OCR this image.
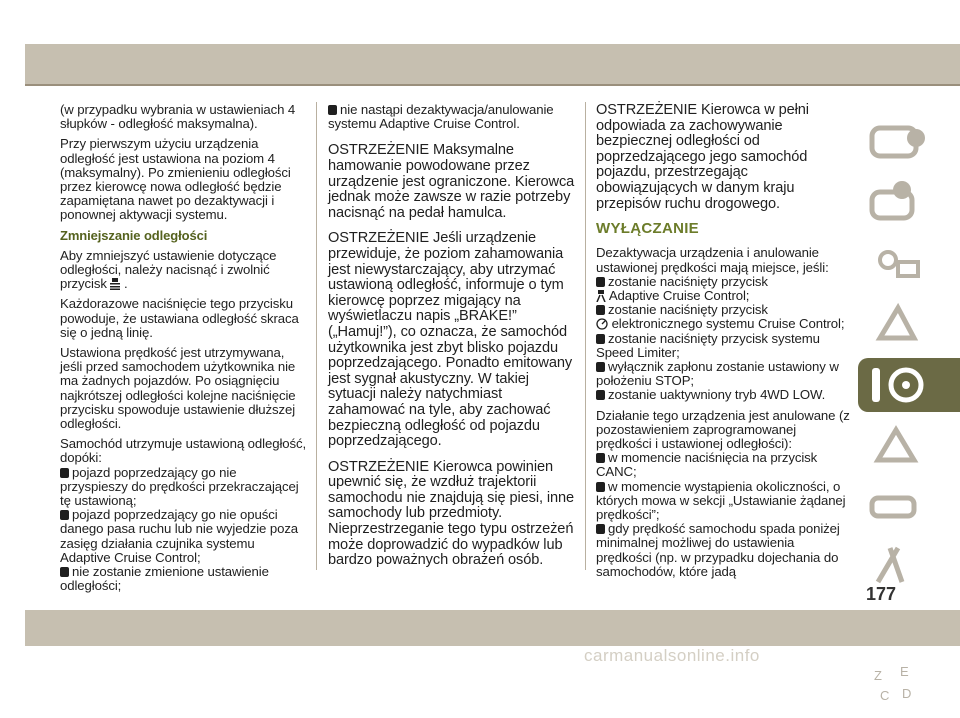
(w przypadku wybrania w ustawieniach 4 słupków - odległość maksymalna).

Przy pierwszym użyciu urządzenia odległość jest ustawiona na poziom 4 (maksymalny). Po zmienieniu odległości przez kierowcę nowa odległość będzie zapamiętana nawet po dezaktywacji i ponownej aktywacji systemu.

Zmniejszanie odległości

Aby zmniejszyć ustawienie dotyczące odległości, należy nacisnąć i zwolnić przycisk .

Każdorazowe naciśnięcie tego przycisku powoduje, że ustawiana odległość skraca się o jedną linię.

Ustawiona prędkość jest utrzymywana, jeśli przed samochodem użytkownika nie ma żadnych pojazdów. Po osiągnięciu najkrótszej odległości kolejne naciśnięcie przycisku spowoduje ustawienie dłuższej odległości.

Samochód utrzymuje ustawioną odległość, dopóki:

pojazd poprzedzający go nie przyspieszy do prędkości przekraczającej tę ustawioną;

pojazd poprzedzający go nie opuści danego pasa ruchu lub nie wyjedzie poza zasięg działania czujnika systemu Adaptive Cruise Control;

nie zostanie zmienione ustawienie odległości;

nie nastąpi dezaktywacja/anulowanie systemu Adaptive Cruise Control.

OSTRZEŻENIE Maksymalne hamowanie powodowane przez urządzenie jest ograniczone. Kierowca jednak może zawsze w razie potrzeby nacisnąć na pedał hamulca.

OSTRZEŻENIE Jeśli urządzenie przewiduje, że poziom zahamowania jest niewystarczający, aby utrzymać ustawioną odległość, informuje o tym kierowcę poprzez migający na wyświetlaczu napis „BRAKE!” („Hamuj!”), co oznacza, że samochód użytkownika jest zbyt blisko pojazdu poprzedzającego. Ponadto emitowany jest sygnał akustyczny. W takiej sytuacji należy natychmiast zahamować na tyle, aby zachować bezpieczną odległość od pojazdu poprzedzającego.

OSTRZEŻENIE Kierowca powinien upewnić się, że wzdłuż trajektorii samochodu nie znajdują się piesi, inne samochody lub przedmioty. Nieprzestrzeganie tego typu ostrzeżeń może doprowadzić do wypadków lub bardzo poważnych obrażeń osób.

OSTRZEŻENIE Kierowca w pełni odpowiada za zachowywanie bezpiecznej odległości od poprzedzającego jego samochód pojazdu, przestrzegając obowiązujących w danym kraju przepisów ruchu drogowego.

WYŁĄCZANIE

Dezaktywacja urządzenia i anulowanie ustawionej prędkości mają miejsce, jeśli:

zostanie naciśnięty przycisk

Adaptive Cruise Control;

zostanie naciśnięty przycisk

elektronicznego systemu Cruise Control;

zostanie naciśnięty przycisk systemu Speed Limiter;

wyłącznik zapłonu zostanie ustawiony w położeniu STOP;

zostanie uaktywniony tryb 4WD LOW.

Działanie tego urządzenia jest anulowane (z pozostawieniem zaprogramowanej prędkości i ustawionej odległości):

w momencie naciśnięcia na przycisk CANC;

w momencie wystąpienia okoliczności, o których mowa w sekcji „Ustawianie żądanej prędkości”;

gdy prędkość samochodu spada poniżej minimalnej możliwej do ustawienia prędkości (np. w przypadku dojechania do samochodów, które jadą

Z E
C D
177
carmanualsonline.info
